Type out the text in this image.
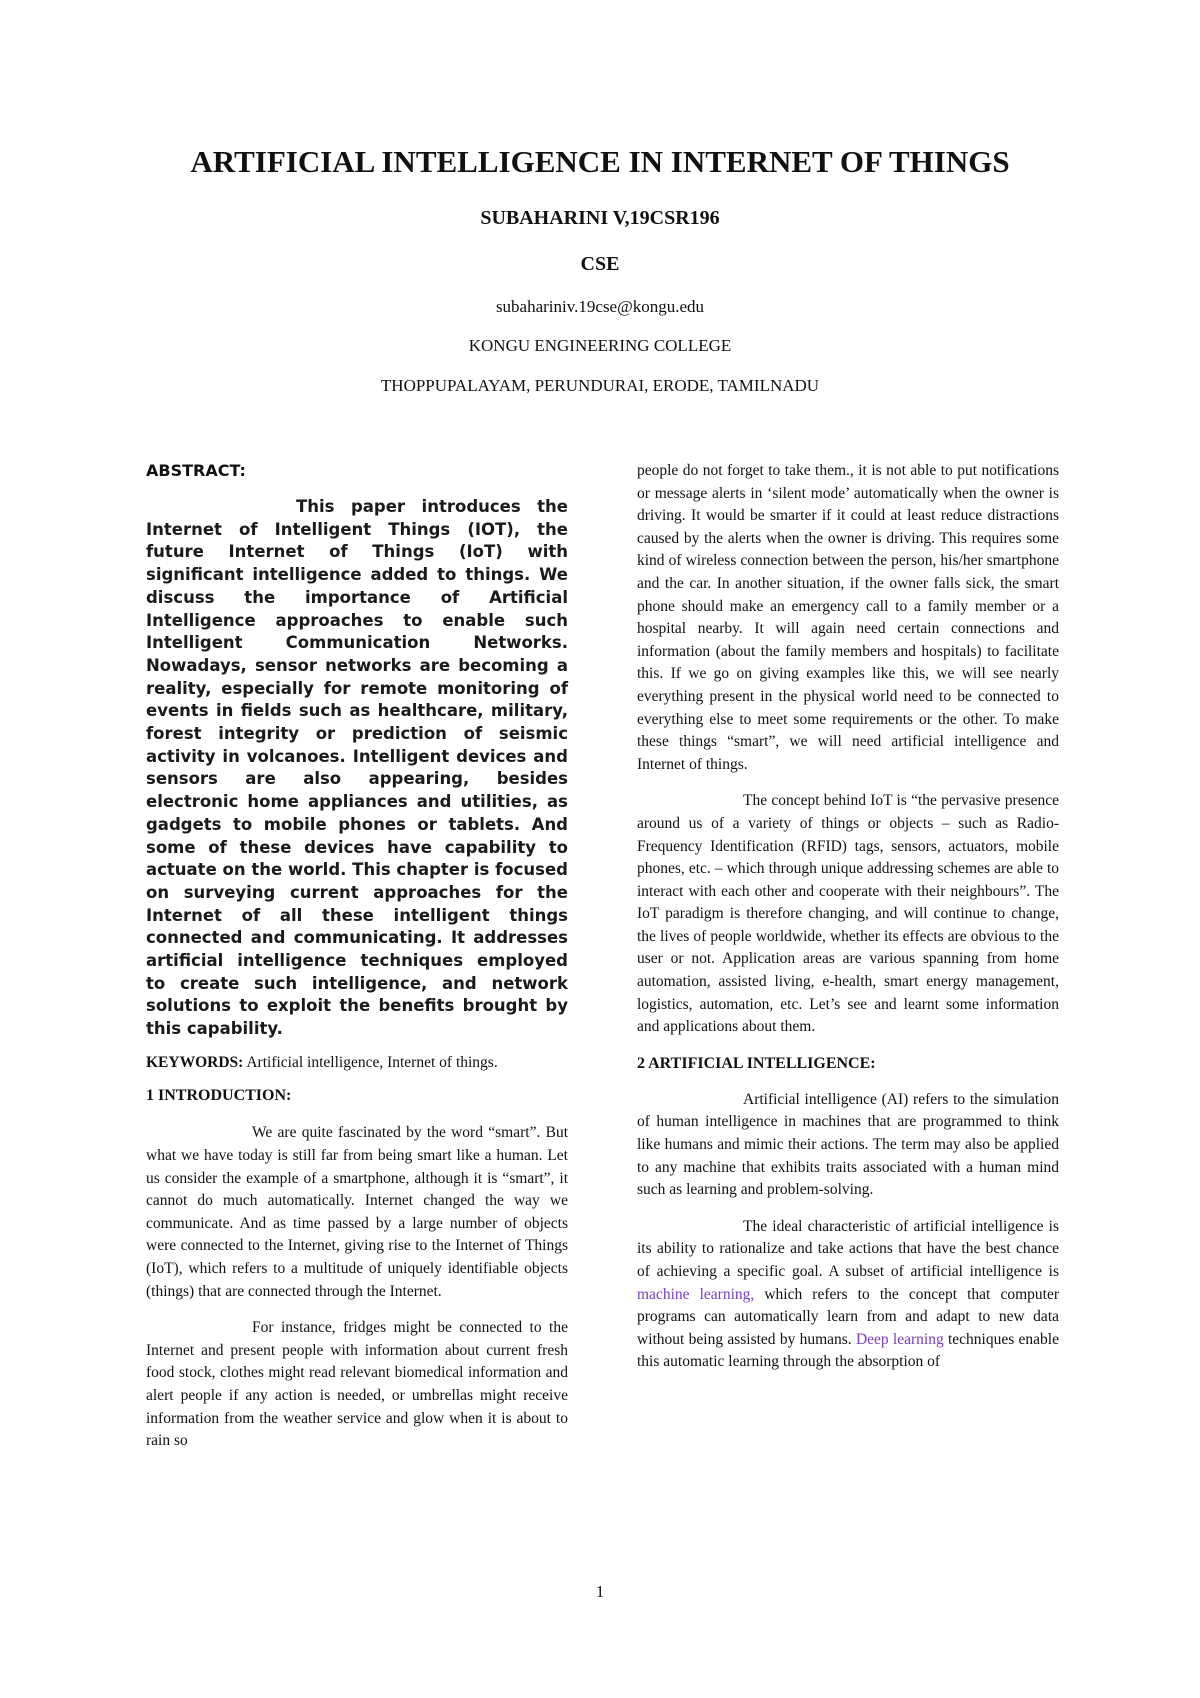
ARTIFICIAL INTELLIGENCE IN INTERNET OF THINGS

SUBAHARINI V,19CSR196

CSE

subahariniv.19cse@kongu.edu

KONGU ENGINEERING COLLEGE

THOPPUPALAYAM, PERUNDURAI, ERODE, TAMILNADU

ABSTRACT:

This paper introduces the Internet of Intelligent Things (IOT), the future Internet of Things (IoT) with significant intelligence added to things. We discuss the importance of Artificial Intelligence approaches to enable such Intelligent Communication Networks. Nowadays, sensor networks are becoming a reality, especially for remote monitoring of events in fields such as healthcare, military, forest integrity or prediction of seismic activity in volcanoes. Intelligent devices and sensors are also appearing, besides electronic home appliances and utilities, as gadgets to mobile phones or tablets. And some of these devices have capability to actuate on the world. This chapter is focused on surveying current approaches for the Internet of all these intelligent things connected and communicating. It addresses artificial intelligence techniques employed to create such intelligence, and network solutions to exploit the benefits brought by this capability.

KEYWORDS: Artificial intelligence, Internet of things.

1 INTRODUCTION:

We are quite fascinated by the word “smart”. But what we have today is still far from being smart like a human. Let us consider the example of a smartphone, although it is “smart”, it cannot do much automatically. Internet changed the way we communicate. And as time passed by a large number of objects were connected to the Internet, giving rise to the Internet of Things (IoT), which refers to a multitude of uniquely identifiable objects (things) that are connected through the Internet.

For instance, fridges might be connected to the Internet and present people with information about current fresh food stock, clothes might read relevant biomedical information and alert people if any action is needed, or umbrellas might receive information from the weather service and glow when it is about to rain so

people do not forget to take them., it is not able to put notifications or message alerts in ‘silent mode’ automatically when the owner is driving. It would be smarter if it could at least reduce distractions caused by the alerts when the owner is driving. This requires some kind of wireless connection between the person, his/her smartphone and the car. In another situation, if the owner falls sick, the smart phone should make an emergency call to a family member or a hospital nearby. It will again need certain connections and information (about the family members and hospitals) to facilitate this. If we go on giving examples like this, we will see nearly everything present in the physical world need to be connected to everything else to meet some requirements or the other. To make these things “smart”, we will need artificial intelligence and Internet of things.

The concept behind IoT is “the pervasive presence around us of a variety of things or objects – such as Radio-Frequency Identification (RFID) tags, sensors, actuators, mobile phones, etc. – which through unique addressing schemes are able to interact with each other and cooperate with their neighbours”. The IoT paradigm is therefore changing, and will continue to change, the lives of people worldwide, whether its effects are obvious to the user or not. Application areas are various spanning from home automation, assisted living, e-health, smart energy management, logistics, automation, etc. Let’s see and learnt some information and applications about them.

2 ARTIFICIAL INTELLIGENCE:

Artificial intelligence (AI) refers to the simulation of human intelligence in machines that are programmed to think like humans and mimic their actions. The term may also be applied to any machine that exhibits traits associated with a human mind such as learning and problem-solving.

The ideal characteristic of artificial intelligence is its ability to rationalize and take actions that have the best chance of achieving a specific goal. A subset of artificial intelligence is machine learning, which refers to the concept that computer programs can automatically learn from and adapt to new data without being assisted by humans. Deep learning techniques enable this automatic learning through the absorption of

1
